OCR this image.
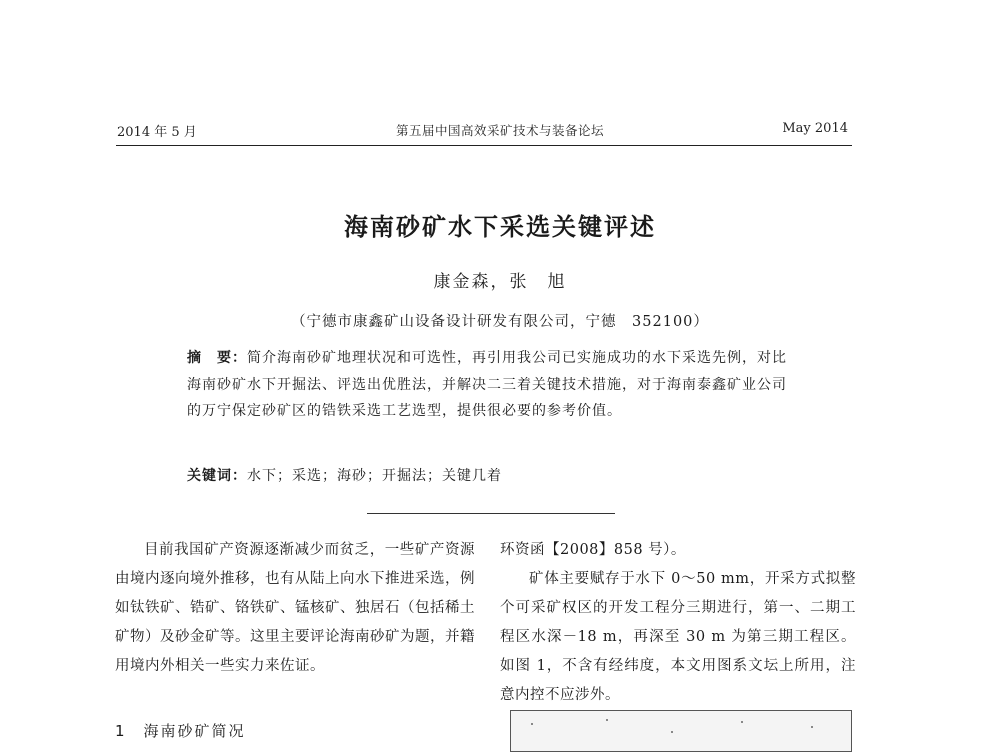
2014 年 5 月	第五届中国高效采矿技术与装备论坛	May 2014
海南砂矿水下采选关键评述
康金森，张　旭
（宁德市康鑫矿山设备设计研发有限公司，宁德　352100）
摘　要：简介海南砂矿地理状况和可选性，再引用我公司已实施成功的水下采选先例，对比海南砂矿水下开掘法、评选出优胜法，并解决二三着关键技术措施，对于海南泰鑫矿业公司的万宁保定砂矿区的锆铁采选工艺选型，提供很必要的参考价值。
关键词：水下；采选；海砂；开掘法；关键几着

目前我国矿产资源逐渐减少而贫乏，一些矿产资源由境内逐向境外推移，也有从陆上向水下推进采选，例如钛铁矿、锆矿、铬铁矿、锰核矿、独居石（包括稀土矿物）及砂金矿等。这里主要评论海南砂矿为题，并籍用境内外相关一些实力来佐证。

环资函【2008】858 号）。

矿体主要赋存于水下 0～50 mm，开采方式拟整个可采矿权区的开发工程分三期进行，第一、二期工程区水深－18 m，再深至 30 m 为第三期工程区。如图 1，不含有经纬度，本文用图系文坛上所用，注意内控不应涉外。

1　海南砂矿简况
